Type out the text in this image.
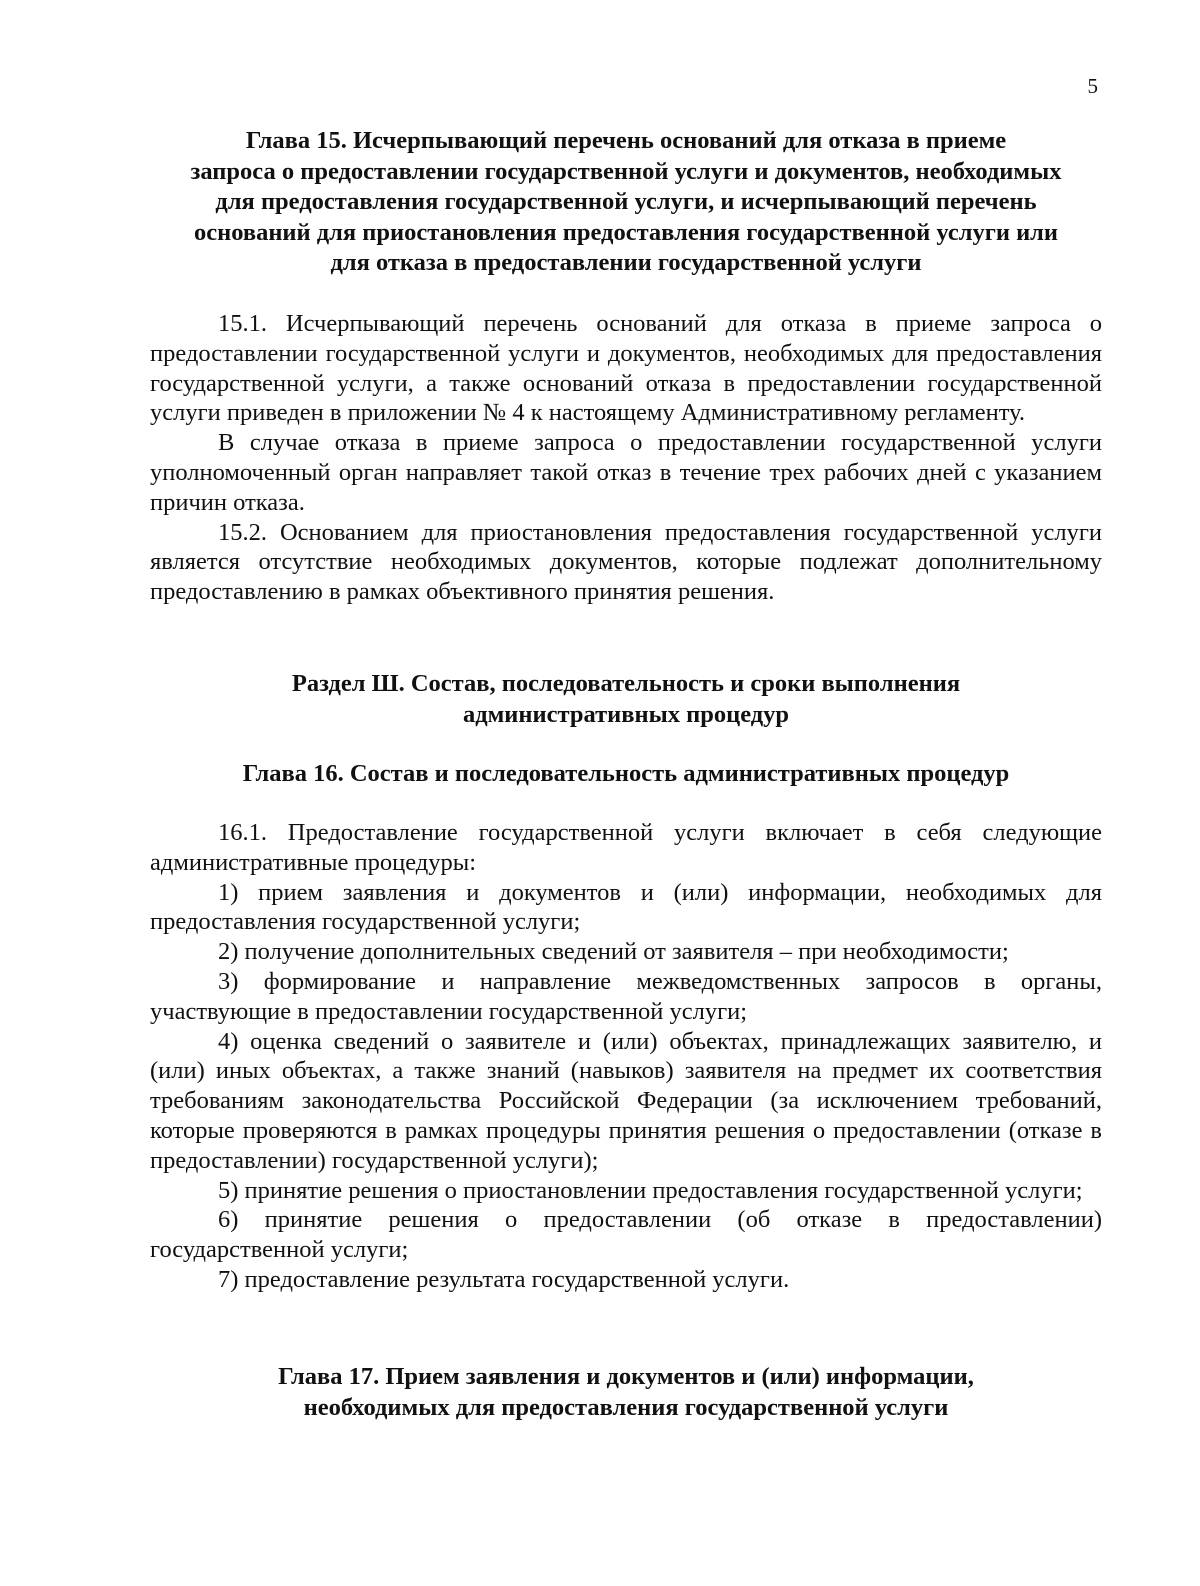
5
Глава 15. Исчерпывающий перечень оснований для отказа в приеме
запроса о предоставлении государственной услуги и документов, необходимых
для предоставления государственной услуги, и исчерпывающий перечень
оснований для приостановления предоставления государственной услуги или
для отказа в предоставлении государственной услуги

15.1. Исчерпывающий перечень оснований для отказа в приеме запроса о предоставлении государственной услуги и документов, необходимых для предоставления государственной услуги, а также оснований отказа в предоставлении государственной услуги приведен в приложении № 4 к настоящему Административному регламенту.

В случае отказа в приеме запроса о предоставлении государственной услуги уполномоченный орган направляет такой отказ в течение трех рабочих дней с указанием причин отказа.

15.2. Основанием для приостановления предоставления государственной услуги является отсутствие необходимых документов, которые подлежат дополнительному предоставлению в рамках объективного принятия решения.

Раздел Ш. Состав, последовательность и сроки выполнения
административных процедур
Глава 16. Состав и последовательность административных процедур

16.1. Предоставление государственной услуги включает в себя следующие административные процедуры:

1) прием заявления и документов и (или) информации, необходимых для предоставления государственной услуги;

2) получение дополнительных сведений от заявителя – при необходимости;

3) формирование и направление межведомственных запросов в органы, участвующие в предоставлении государственной услуги;

4) оценка сведений о заявителе и (или) объектах, принадлежащих заявителю, и (или) иных объектах, а также знаний (навыков) заявителя на предмет их соответствия требованиям законодательства Российской Федерации (за исключением требований, которые проверяются в рамках процедуры принятия решения о предоставлении (отказе в предоставлении) государственной услуги);

5) принятие решения о приостановлении предоставления государственной услуги;

6) принятие решения о предоставлении (об отказе в предоставлении) государственной услуги;

7) предоставление результата государственной услуги.

Глава 17. Прием заявления и документов и (или) информации,
необходимых для предоставления государственной услуги
